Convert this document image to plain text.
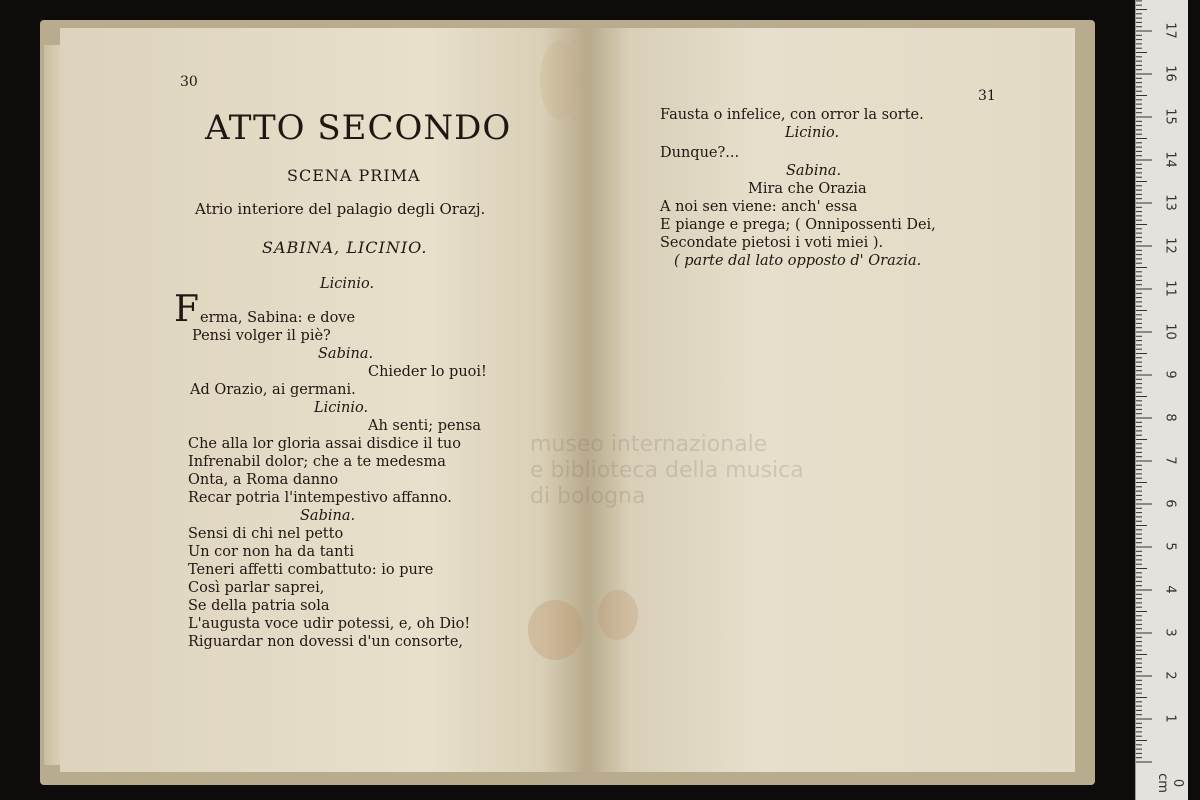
30
ATTO SECONDO
SCENA PRIMA
Atrio interiore del palagio degli Orazj.
SABINA, LICINIO.
Licinio.
F erma, Sabina: e dove
Pensi volger il piè?
Sabina.
Chieder lo puoi!
Ad Orazio, ai germani.
Licinio.
Ah senti; pensa
Che alla lor gloria assai disdice il tuo
Infrenabil dolor; che a te medesma
Onta, a Roma danno
Recar potria l'intempestivo affanno.
Sabina.
Sensi di chi nel petto
Un cor non ha da tanti
Teneri affetti combattuto: io pure
Così parlar saprei,
Se della patria sola
L'augusta voce udir potessi, e, oh Dio!
Riguardar non dovessi d'un consorte,
31
Fausta o infelice, con orror la sorte.
Licinio.
Dunque?...
Sabina.
Mira che Orazia
A noi sen viene: anch' essa
E piange e prega; ( Onnipossenti Dei,
Secondate pietosi i voti miei ).
( parte dal lato opposto d' Orazia.
museo internazionale
e biblioteca della musica
di bologna
1
2
3
4
5
6
7
8
9
10
11
12
13
14
15
16
17
0 cm
